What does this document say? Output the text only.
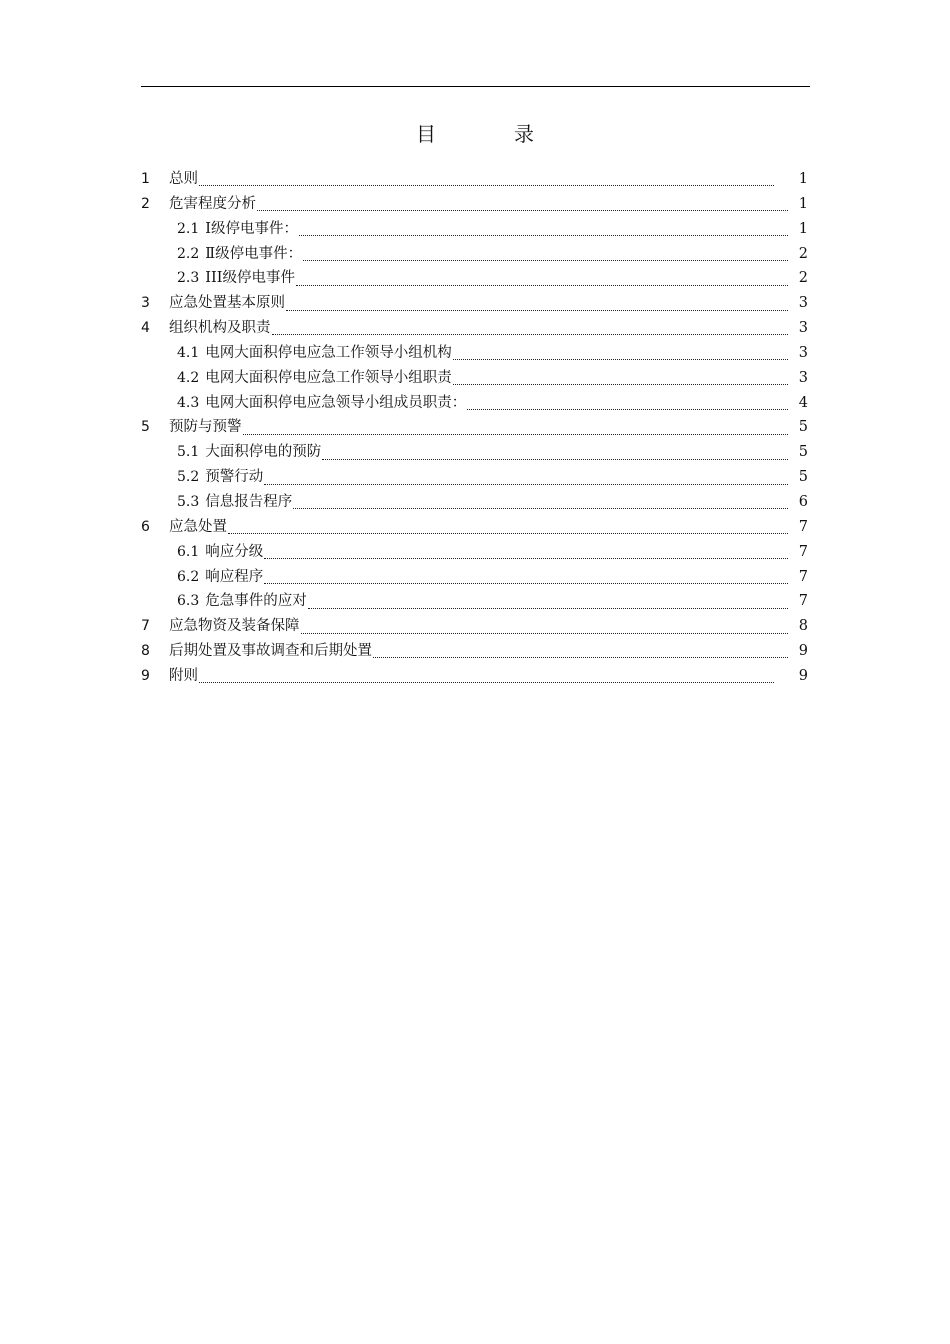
目	录
1	总则	1
2	危害程度分析	1
2.1 Ⅰ级停电事件：	1
2.2 Ⅱ级停电事件：	2
2.3 III级停电事件	2
3	应急处置基本原则	3
4	组织机构及职责	3
4.1 电网大面积停电应急工作领导小组机构	3
4.2 电网大面积停电应急工作领导小组职责	3
4.3 电网大面积停电应急领导小组成员职责：	4
5	预防与预警	5
5.1 大面积停电的预防	5
5.2 预警行动	5
5.3 信息报告程序	6
6	应急处置	7
6.1 响应分级	7
6.2 响应程序	7
6.3 危急事件的应对	7
7	应急物资及装备保障	8
8	后期处置及事故调查和后期处置	9
9	附则	9
